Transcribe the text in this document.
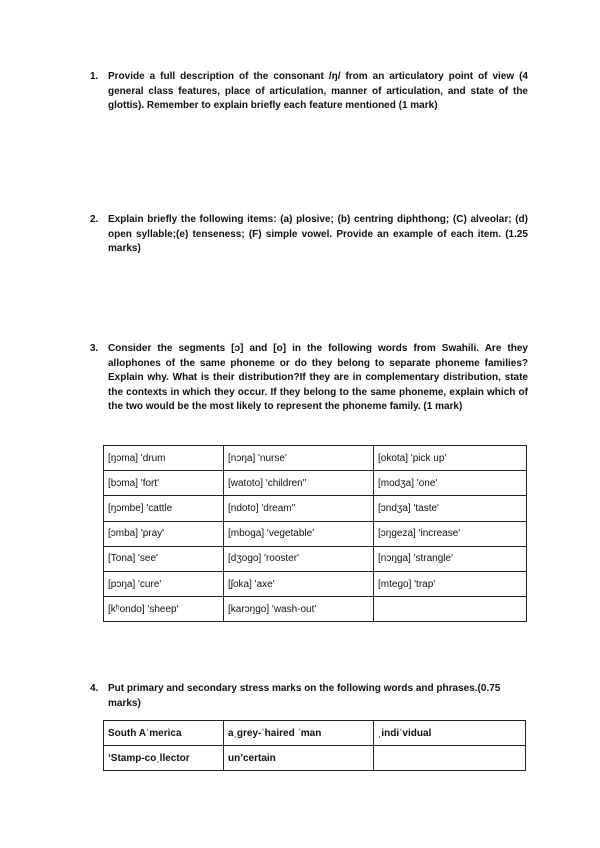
1. Provide a full description of the consonant /ŋ/ from an articulatory point of view (4 general class features, place of articulation, manner of articulation, and state of the glottis). Remember to explain briefly each feature mentioned (1 mark)
2. Explain briefly the following items: (a) plosive; (b) centring diphthong; (C) alveolar; (d) open syllable;(e) tenseness; (F) simple vowel. Provide an example of each item. (1.25 marks)
3. Consider the segments [ɔ] and [o] in the following words from Swahili. Are they allophones of the same phoneme or do they belong to separate phoneme families? Explain why. What is their distribution?If they are in complementary distribution, state the contexts in which they occur. If they belong to the same phoneme, explain which of the two would be the most likely to represent the phoneme family. (1 mark)
[ŋɔma] 'drum	[nɔŋa] 'nurse'	[okota] 'pick up'
[bɔma] 'fort'	[watoto] 'children"	[modʒa] 'one'
[ŋɔmbe] 'cattle	[ndoto] 'dream"	[ɔndʒa] 'taste'
[ɔmba] 'pray'	[mboga] 'vegetable'	[ɔŋgeza] 'increase'
[Tona] 'see'	[dʒogo] 'rooster'	[nɔŋga] 'strangle'
[pɔŋa] 'cure'	[ʃoka] 'axe'	[mtego] 'trap'
[kʰondo] 'sheep'	[karɔŋgo] 'wash-out'	
4. Put primary and secondary stress marks on the following words and phrases.(0.75 marks)
South Aˈmerica	aˌgrey-ˈhaired ˈman	ˌindiˈvidual
‘Stamp-coˌllector	un’certain	
